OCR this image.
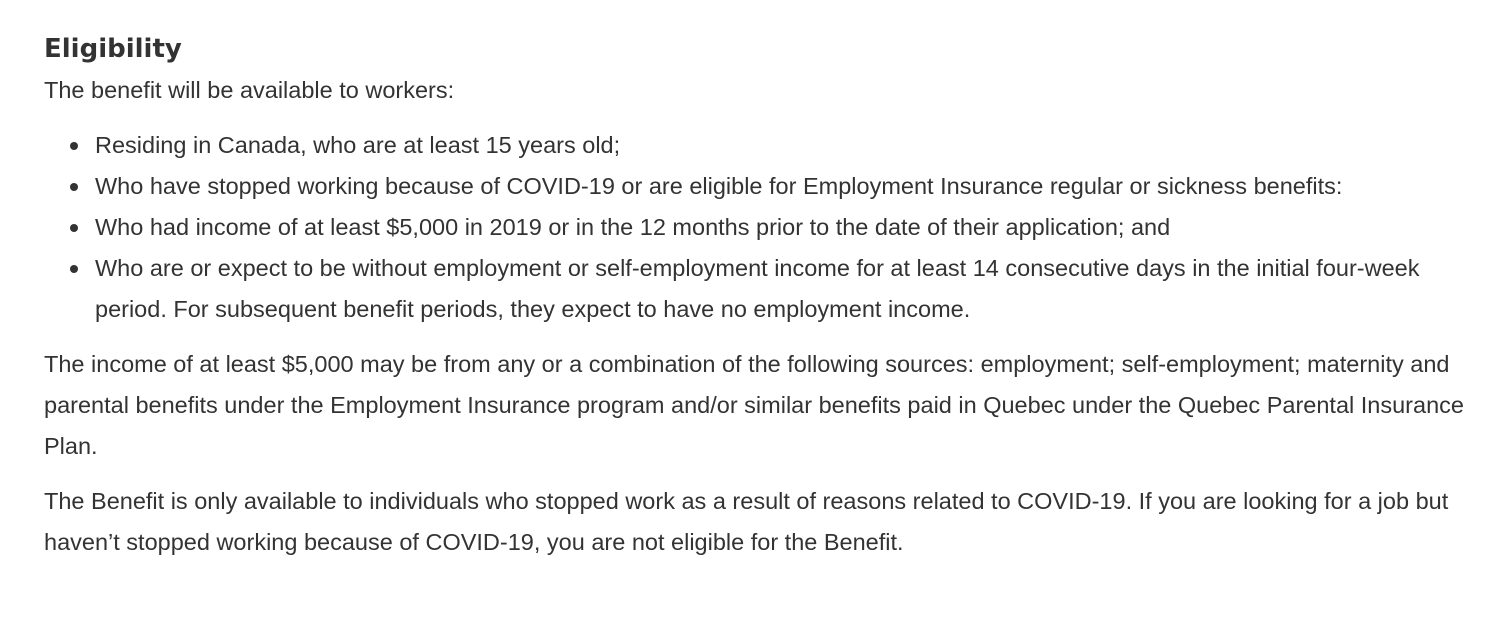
Eligibility

The benefit will be available to workers:

Residing in Canada, who are at least 15 years old;
Who have stopped working because of COVID-19 or are eligible for Employment Insurance regular or sickness benefits:
Who had income of at least $5,000 in 2019 or in the 12 months prior to the date of their application; and
Who are or expect to be without employment or self-employment income for at least 14 consecutive days in the initial four-week period. For subsequent benefit periods, they expect to have no employment income.

The income of at least $5,000 may be from any or a combination of the following sources: employment; self-employment; maternity and parental benefits under the Employment Insurance program and/or similar benefits paid in Quebec under the Quebec Parental Insurance Plan.

The Benefit is only available to individuals who stopped work as a result of reasons related to COVID-19. If you are looking for a job but haven’t stopped working because of COVID-19, you are not eligible for the Benefit.
